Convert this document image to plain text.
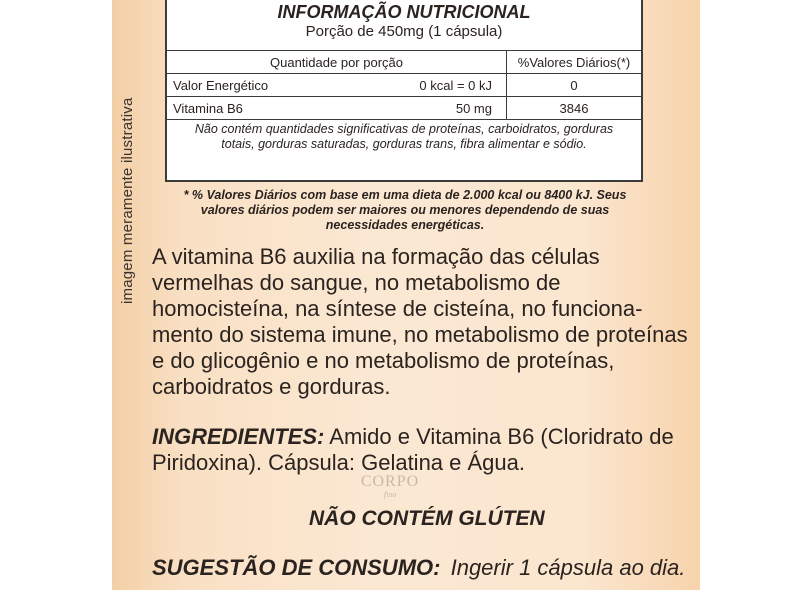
imagem meramente ilustrativa
INFORMAÇÃO NUTRICIONAL
Porção de 450mg (1 cápsula)
Quantidade por porção		%Valores Diários(*)
Valor Energético	0 kcal = 0 kJ	0
Vitamina B6	50 mg	3846
Não contém quantidades significativas de proteínas, carboidratos, gorduras totais, gorduras saturadas, gorduras trans, fibra alimentar e sódio.
* % Valores Diários com base em uma dieta de 2.000 kcal ou 8400 kJ. Seus valores diários podem ser maiores ou menores dependendo de suas necessidades energéticas.

A vitamina B6 auxilia na formação das células vermelhas do sangue, no metabolismo de homocisteína, na síntese de cisteína, no funciona-mento do sistema imune, no metabolismo de proteínas e do glicogênio e no metabolismo de proteínas, carboidratos e gorduras.

INGREDIENTES: Amido e Vitamina B6 (Cloridrato de Piridoxina). Cápsula: Gelatina e Água.

CORPO
fino
NÃO CONTÉM GLÚTEN
SUGESTÃO DE CONSUMO: Ingerir 1 cápsula ao dia.
